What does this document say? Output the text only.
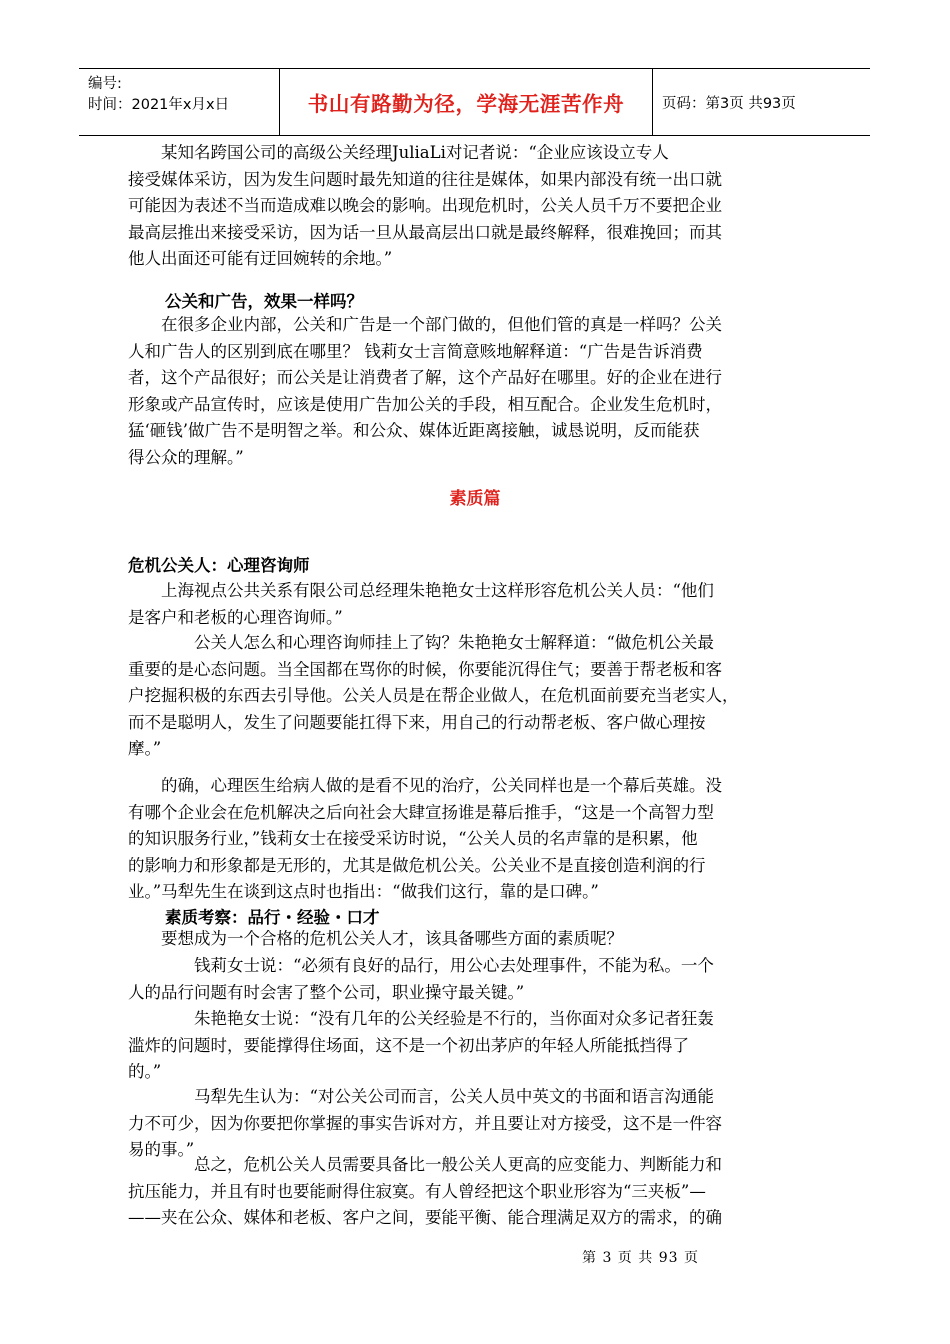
编号:
时间：2021年x月x日	书山有路勤为径，学海无涯苦作舟	页码：第3页 共93页
　　某知名跨国公司的高级公关经理JuliaLi对记者说：“企业应该设立专人
接受媒体采访，因为发生问题时最先知道的往往是媒体，如果内部没有统一出口就
可能因为表述不当而造成难以晚会的影响。出现危机时，公关人员千万不要把企业
最高层推出来接受采访，因为话一旦从最高层出口就是最终解释，很难挽回；而其
他人出面还可能有迂回婉转的余地。”
公关和广告，效果一样吗？
　　在很多企业内部，公关和广告是一个部门做的，但他们管的真是一样吗？公关
人和广告人的区别到底在哪里？ 钱莉女士言简意赅地解释道：“广告是告诉消费
者，这个产品很好；而公关是让消费者了解，这个产品好在哪里。好的企业在进行
形象或产品宣传时，应该是使用广告加公关的手段，相互配合。企业发生危机时，
猛‘砸钱’做广告不是明智之举。和公众、媒体近距离接触，诚恳说明，反而能获
得公众的理解。”
素质篇
危机公关人：心理咨询师
　　上海视点公共关系有限公司总经理朱艳艳女士这样形容危机公关人员：“他们
是客户和老板的心理咨询师。”
　　　　公关人怎么和心理咨询师挂上了钩？朱艳艳女士解释道：“做危机公关最
重要的是心态问题。当全国都在骂你的时候，你要能沉得住气；要善于帮老板和客
户挖掘积极的东西去引导他。公关人员是在帮企业做人，在危机面前要充当老实人，
而不是聪明人，发生了问题要能扛得下来，用自己的行动帮老板、客户做心理按
摩。”
　　的确，心理医生给病人做的是看不见的治疗，公关同样也是一个幕后英雄。没
有哪个企业会在危机解决之后向社会大肆宣扬谁是幕后推手，“这是一个高智力型
的知识服务行业，”钱莉女士在接受采访时说，“公关人员的名声靠的是积累，他
的影响力和形象都是无形的，尤其是做危机公关。公关业不是直接创造利润的行
业。”马犁先生在谈到这点时也指出：“做我们这行，靠的是口碑。”
素质考察：品行・经验・口才
　　要想成为一个合格的危机公关人才，该具备哪些方面的素质呢？
　　　　钱莉女士说：“必须有良好的品行，用公心去处理事件，不能为私。一个
人的品行问题有时会害了整个公司，职业操守最关键。”
　　　　朱艳艳女士说：“没有几年的公关经验是不行的，当你面对众多记者狂轰
滥炸的问题时，要能撑得住场面，这不是一个初出茅庐的年轻人所能抵挡得了
的。”
　　　　马犁先生认为：“对公关公司而言，公关人员中英文的书面和语言沟通能
力不可少，因为你要把你掌握的事实告诉对方，并且要让对方接受，这不是一件容
易的事。”
　　　　总之，危机公关人员需要具备比一般公关人更高的应变能力、判断能力和
抗压能力，并且有时也要能耐得住寂寞。有人曾经把这个职业形容为“三夹板”—
——夹在公众、媒体和老板、客户之间，要能平衡、能合理满足双方的需求，的确
第 3 页 共 93 页
